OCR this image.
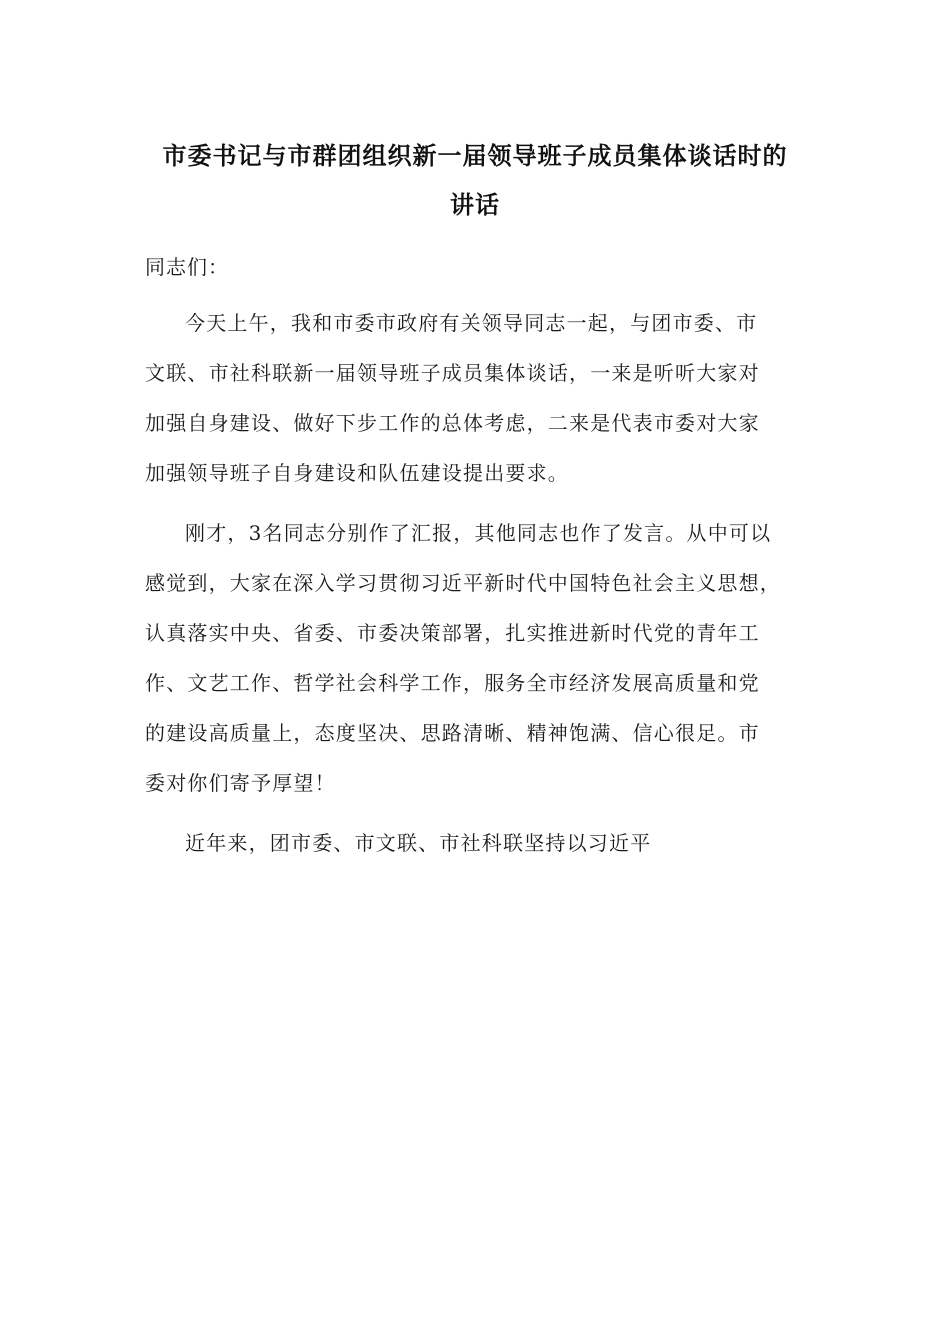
市委书记与市群团组织新一届领导班子成员集体谈话时的
讲话
同志们：
今天上午，我和市委市政府有关领导同志一起，与团市委、市
文联、市社科联新一届领导班子成员集体谈话，一来是听听大家对
加强自身建设、做好下步工作的总体考虑，二来是代表市委对大家
加强领导班子自身建设和队伍建设提出要求。
刚才，3名同志分别作了汇报，其他同志也作了发言。从中可以
感觉到，大家在深入学习贯彻习近平新时代中国特色社会主义思想，
认真落实中央、省委、市委决策部署，扎实推进新时代党的青年工
作、文艺工作、哲学社会科学工作，服务全市经济发展高质量和党
的建设高质量上，态度坚决、思路清晰、精神饱满、信心很足。市
委对你们寄予厚望！
近年来，团市委、市文联、市社科联坚持以习近平
